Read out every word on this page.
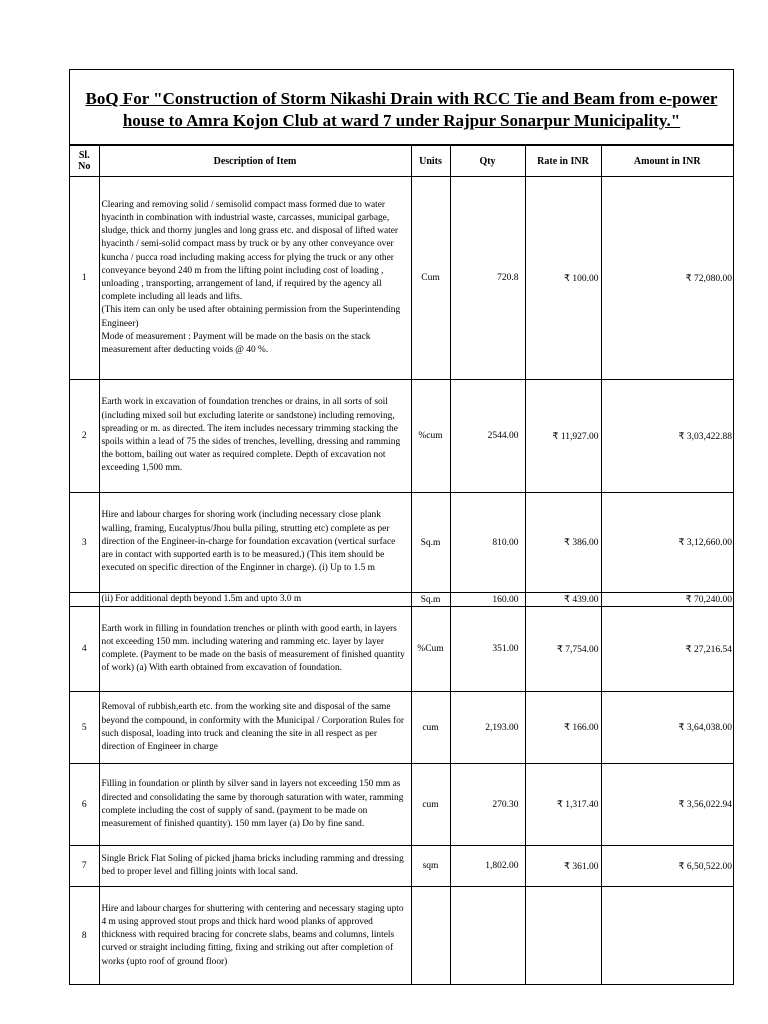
BoQ For "Construction of Storm Nikashi Drain with RCC Tie and Beam from e-power
house to Amra Kojon Club at ward 7 under Rajpur Sonarpur Municipality."
Sl. No	Description of Item	Units	Qty	Rate in INR	Amount in INR
1	Clearing and removing solid / semisolid compact mass formed due to water hyacinth in combination with industrial waste, carcasses, municipal garbage, sludge, thick and thorny jungles and long grass etc. and disposal of lifted water hyacinth / semi-solid compact mass by truck or by any other conveyance over kuncha / pucca road including making access for plying the truck or any other conveyance beyond 240 m from the lifting point including cost of loading , unloading , transporting, arrangement of land, if required by the agency all complete including all leads and lifts.
(This item can only be used after obtaining permission from the Superintending Engineer)
Mode of measurement : Payment will be made on the basis on the stack measurement after deducting voids @ 40 %.	Cum	720.8	₹ 100.00	₹ 72,080.00
2	Earth work in excavation of foundation trenches or drains, in all sorts of soil (including mixed soil but excluding laterite or sandstone) including removing, spreading or m. as directed. The item includes necessary trimming stacking the spoils within a lead of 75 the sides of trenches, levelling, dressing and ramming the bottom, bailing out water as required complete. Depth of excavation not exceeding 1,500 mm.	%cum	2544.00	₹ 11,927.00	₹ 3,03,422.88
3	Hire and labour charges for shoring work (including necessary close plank walling, framing, Eucalyptus/Jhou bulla piling, strutting etc) complete as per direction of the Engineer-in-charge for foundation excavation (vertical surface are in contact with supported earth is to be measured.) (This item should be executed on specific direction of the Enginner in charge). (i) Up to 1.5 m	Sq.m	810.00	₹ 386.00	₹ 3,12,660.00
	(ii) For additional depth beyond 1.5m and upto 3.0 m	Sq.m	160.00	₹ 439.00	₹ 70,240.00
4	Earth work in filling in foundation trenches or plinth with good earth, in layers not exceeding 150 mm. including watering and ramming etc. layer by layer complete. (Payment to be made on the basis of measurement of finished quantity of work) (a) With earth obtained from excavation of foundation.	%Cum	351.00	₹ 7,754.00	₹ 27,216.54
5	Removal of rubbish,earth etc. from the working site and disposal of the same beyond the compound, in conformity with the Municipal / Corporation Rules for such disposal, loading into truck and cleaning the site in all respect as per direction of Engineer in charge	cum	2,193.00	₹ 166.00	₹ 3,64,038.00
6	Filling in foundation or plinth by silver sand in layers not exceeding 150 mm as directed and consolidating the same by thorough saturation with water, ramming complete including the cost of supply of sand. (payment to be made on measurement of finished quantity). 150 mm layer (a) Do by fine sand.	cum	270.30	₹ 1,317.40	₹ 3,56,022.94
7	Single Brick Flat Soling of picked jhama bricks including ramming and dressing bed to proper level and filling joints with local sand.	sqm	1,802.00	₹ 361.00	₹ 6,50,522.00
8	Hire and labour charges for shuttering with centering and necessary staging upto 4 m using approved stout props and thick hard wood planks of approved thickness with required bracing for concrete slabs, beams and columns, lintels curved or straight including fitting, fixing and striking out after completion of works (upto roof of ground floor)				
